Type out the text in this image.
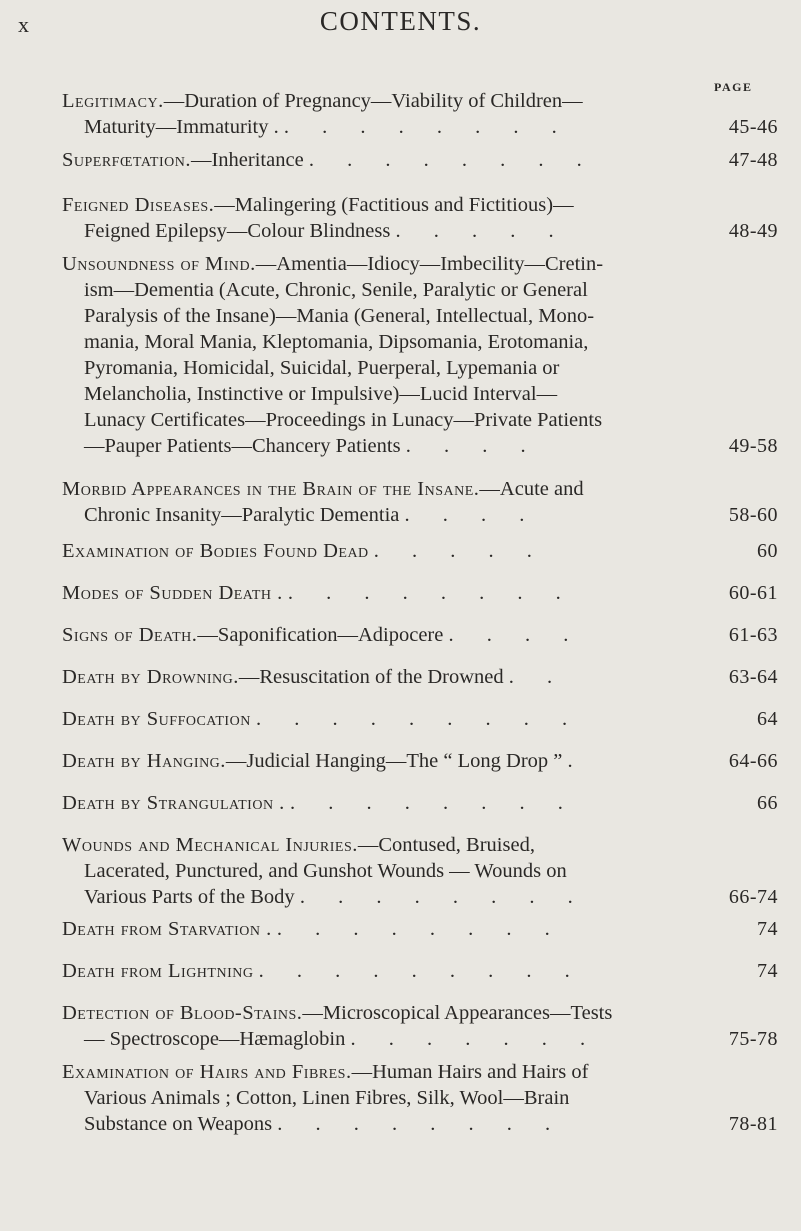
x	CONTENTS.
PAGE
Legitimacy.—Duration of Pregnancy—Viability of Children—
Maturity—Immaturity . . . . . . . . .	45-46
Superfœtation.—Inheritance . . . . . . . .	47-48
Feigned Diseases.—Malingering (Factitious and Fictitious)—
Feigned Epilepsy—Colour Blindness . . . . .	48-49
Unsoundness of Mind.—Amentia—Idiocy—Imbecility—Cretin-
ism—Dementia (Acute, Chronic, Senile, Paralytic or General
Paralysis of the Insane)—Mania (General, Intellectual, Mono-
mania, Moral Mania, Kleptomania, Dipsomania, Erotomania,
Pyromania, Homicidal, Suicidal, Puerperal, Lypemania or
Melancholia, Instinctive or Impulsive)—Lucid Interval—
Lunacy Certificates—Proceedings in Lunacy—Private Patients
—Pauper Patients—Chancery Patients . . . .	49-58
Morbid Appearances in the Brain of the Insane.—Acute and
Chronic Insanity—Paralytic Dementia . . . .	58-60
Examination of Bodies Found Dead . . . . .	60
Modes of Sudden Death . . . . . . . . .	60-61
Signs of Death.—Saponification—Adipocere . . . .	61-63
Death by Drowning.—Resuscitation of the Drowned . .	63-64
Death by Suffocation . . . . . . . . .	64
Death by Hanging.—Judicial Hanging—The “ Long Drop ” .	64-66
Death by Strangulation . . . . . . . . .	66
Wounds and Mechanical Injuries.—Contused, Bruised,
Lacerated, Punctured, and Gunshot Wounds — Wounds on
Various Parts of the Body . . . . . . . .	66-74
Death from Starvation . . . . . . . . .	74
Death from Lightning . . . . . . . . .	74
Detection of Blood-Stains.—Microscopical Appearances—Tests
— Spectroscope—Hæmaglobin . . . . . . .	75-78
Examination of Hairs and Fibres.—Human Hairs and Hairs of
Various Animals ; Cotton, Linen Fibres, Silk, Wool—Brain
Substance on Weapons . . . . . . . .	78-81
